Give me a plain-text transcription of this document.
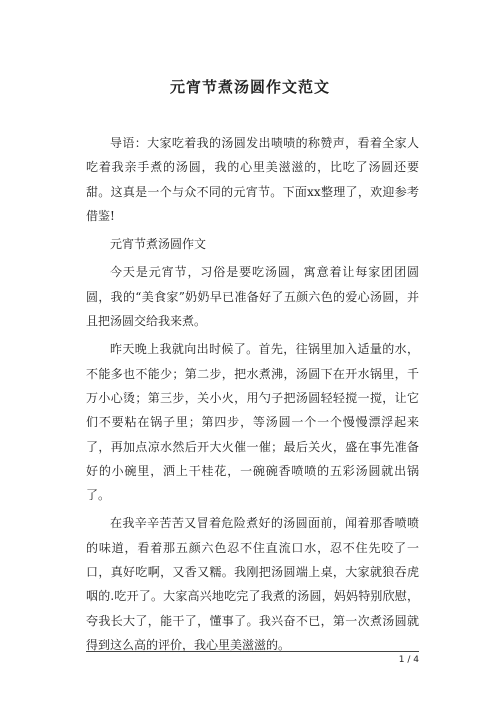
元宵节煮汤圆作文范文

导语：大家吃着我的汤圆发出啧啧的称赞声，看着全家人吃着我亲手煮的汤圆，我的心里美滋滋的，比吃了汤圆还要甜。这真是一个与众不同的元宵节。下面xx整理了，欢迎参考借鉴!

元宵节煮汤圆作文

今天是元宵节，习俗是要吃汤圆，寓意着让每家团团圆圆，我的“美食家”奶奶早已准备好了五颜六色的爱心汤圆，并且把汤圆交给我来煮。

昨天晚上我就向出时候了。首先，往锅里加入适量的水，不能多也不能少；第二步，把水煮沸，汤圆下在开水锅里，千万小心烫；第三步，关小火，用勺子把汤圆轻轻搅一搅，让它们不要粘在锅子里；第四步，等汤圆一个一个慢慢漂浮起来了，再加点凉水然后开大火催一催；最后关火，盛在事先准备好的小碗里，洒上干桂花，一碗碗香喷喷的五彩汤圆就出锅了。

在我辛辛苦苦又冒着危险煮好的汤圆面前，闻着那香喷喷的味道，看着那五颜六色忍不住直流口水，忍不住先咬了一口，真好吃啊，又香又糯。我刚把汤圆端上桌，大家就狼吞虎咽的.吃开了。大家高兴地吃完了我煮的汤圆，妈妈特别欣慰，夸我长大了，能干了，懂事了。我兴奋不已，第一次煮汤圆就得到这么高的评价，我心里美滋滋的。

1 / 4
